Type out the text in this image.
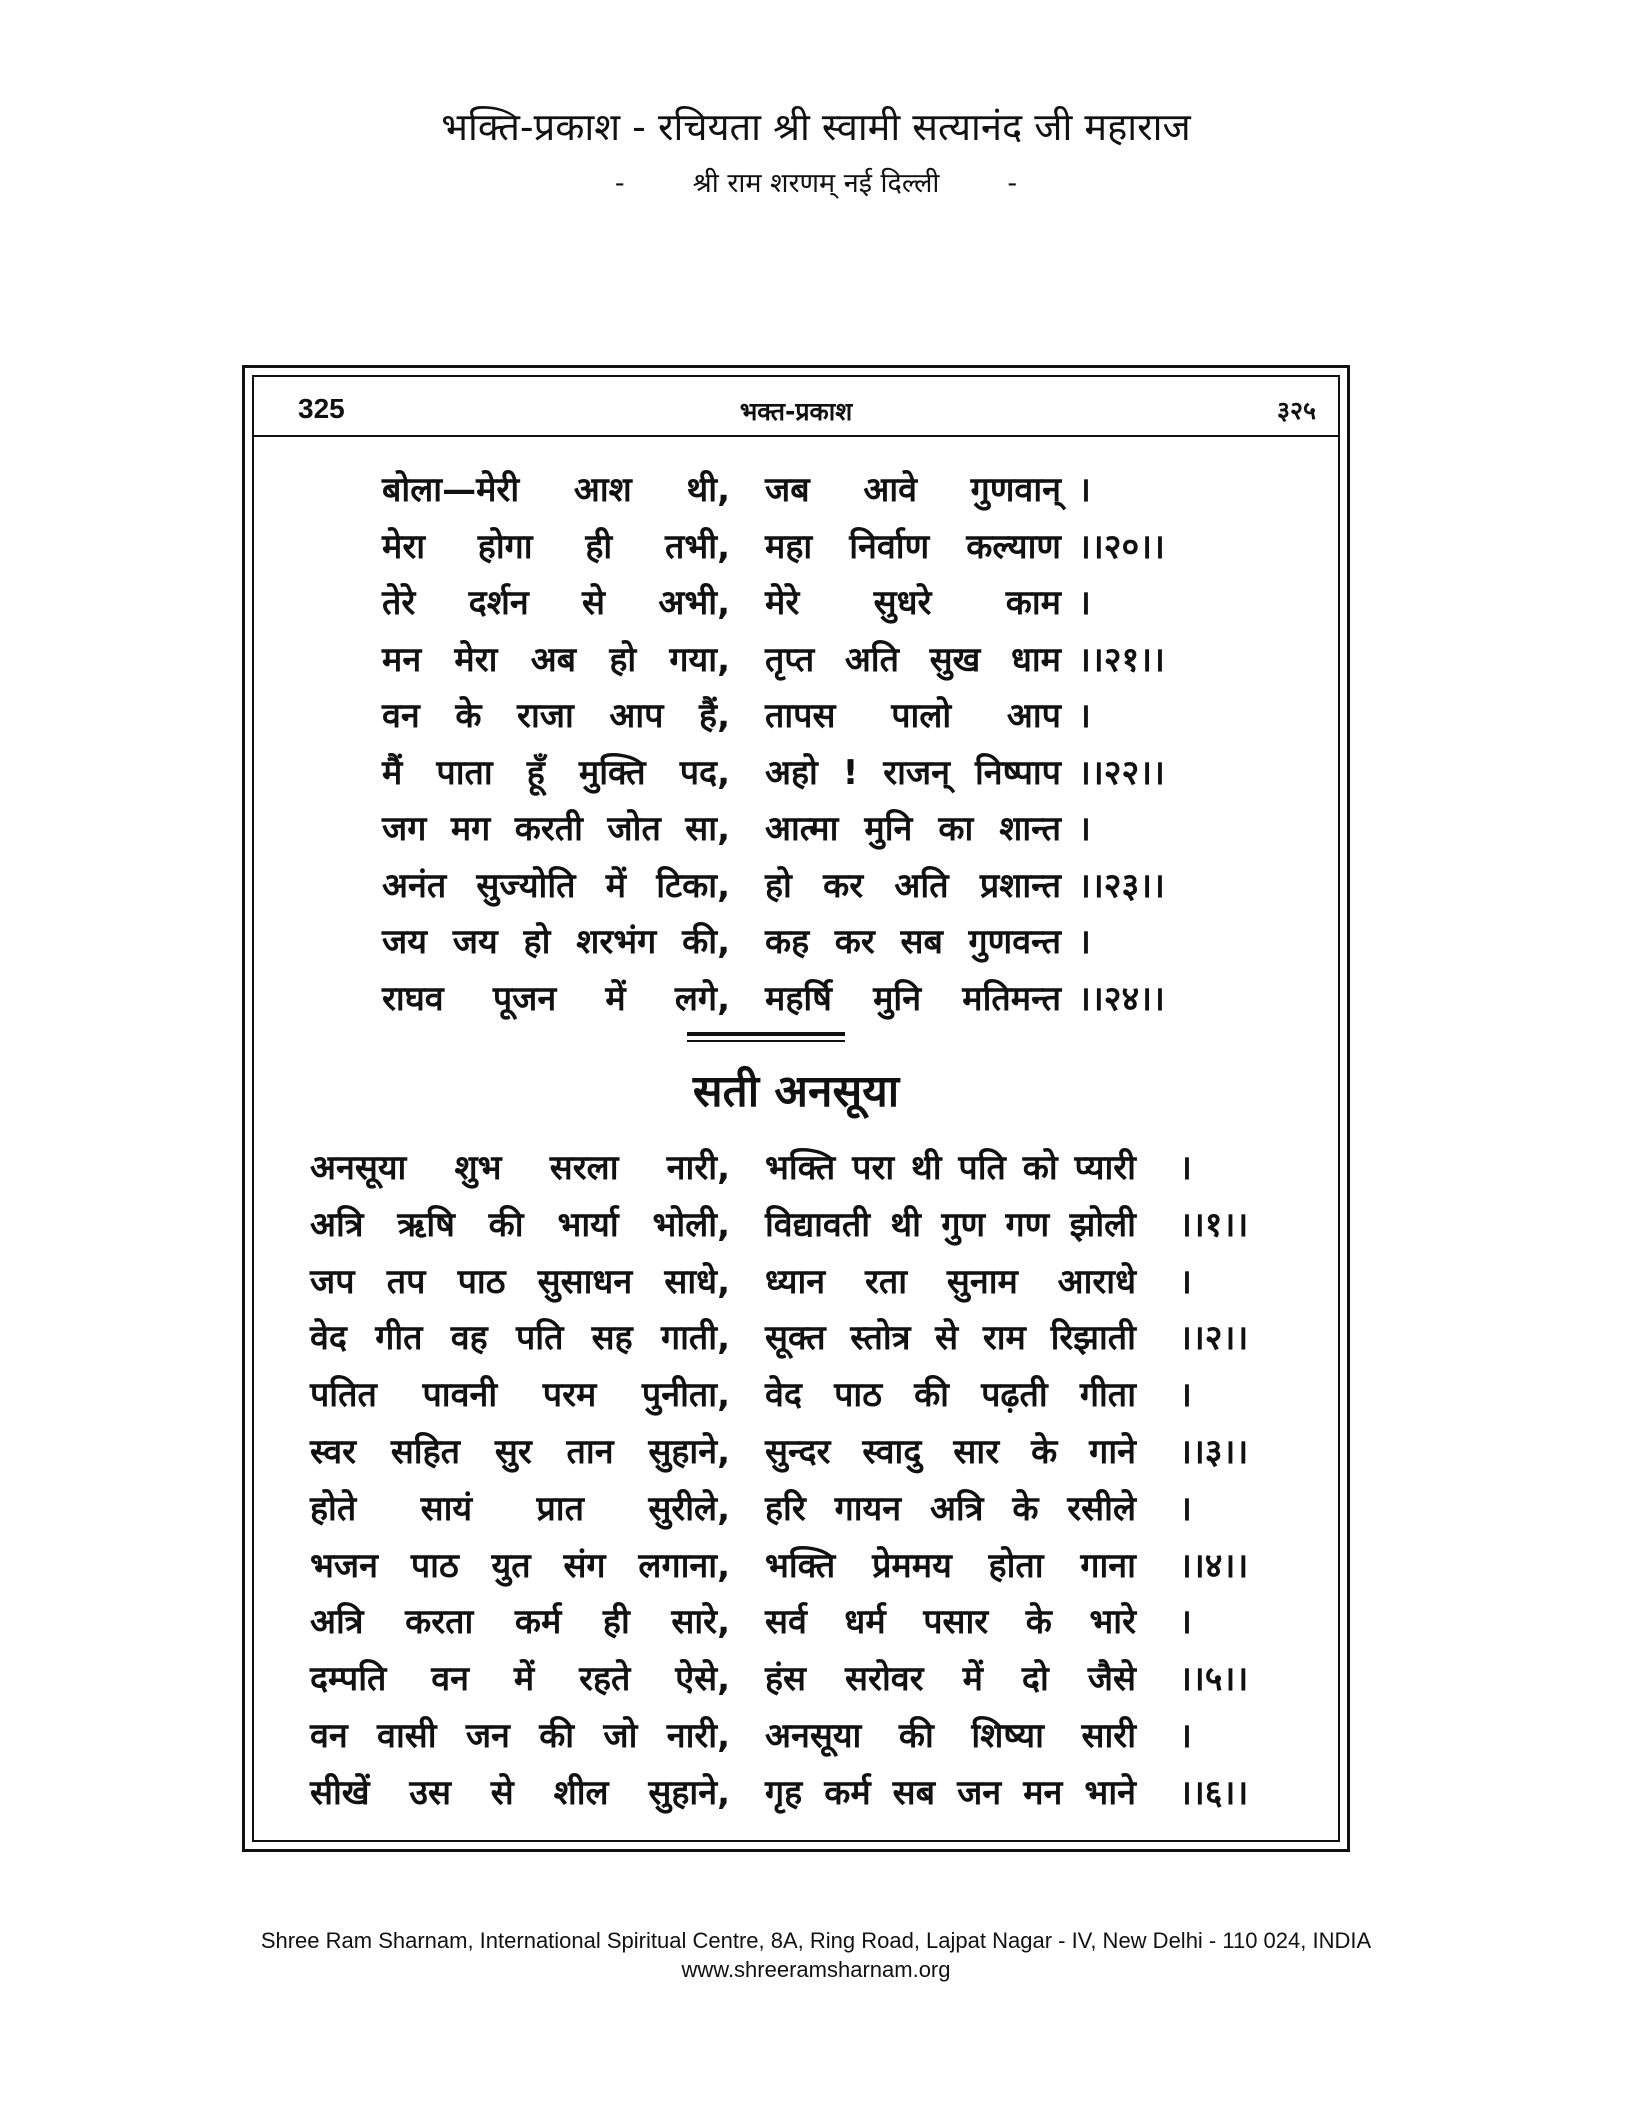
भक्ति-प्रकाश - रचियता श्री स्वामी सत्यानंद जी महाराज
-	श्री राम शरणम् नई दिल्ली	-
325	भक्त-प्रकाश	३२५
सती अनसूया
बोला—मेरी आश थी, जब आवे गुणवान् ।
मेरा होगा ही तभी, महा निर्वाण कल्याण ।।२०।।
तेरे दर्शन से अभी, मेरे सुधरे काम ।
मन मेरा अब हो गया, तृप्त अति सुख धाम ।।२१।।
वन के राजा आप हैं, तापस पालो आप ।
मैं पाता हूँ मुक्ति पद, अहो ! राजन् निष्पाप ।।२२।।
जग मग करती जोत सा, आत्मा मुनि का शान्त ।
अनंत सुज्योति में टिका, हो कर अति प्रशान्त ।।२३।।
जय जय हो शरभंग की, कह कर सब गुणवन्त ।
राघव पूजन में लगे, महर्षि मुनि मतिमन्त ।।२४।।
अनसूया शुभ सरला नारी, भक्ति परा थी पति को प्यारी ।
अत्रि ऋषि की भार्या भोली, विद्यावती थी गुण गण झोली ।।१।।
जप तप पाठ सुसाधन साधे, ध्यान रता सुनाम आराधे ।
वेद गीत वह पति सह गाती, सूक्त स्तोत्र से राम रिझाती ।।२।।
पतित पावनी परम पुनीता, वेद पाठ की पढ़ती गीता ।
स्वर सहित सुर तान सुहाने, सुन्दर स्वादु सार के गाने ।।३।।
होते सायं प्रात सुरीले, हरि गायन अत्रि के रसीले ।
भजन पाठ युत संग लगाना, भक्ति प्रेममय होता गाना ।।४।।
अत्रि करता कर्म ही सारे, सर्व धर्म पसार के भारे ।
दम्पति वन में रहते ऐसे, हंस सरोवर में दो जैसे ।।५।।
वन वासी जन की जो नारी, अनसूया की शिष्या सारी ।
सीखें उस से शील सुहाने, गृह कर्म सब जन मन भाने ।।६।।
Shree Ram Sharnam, International Spiritual Centre, 8A, Ring Road, Lajpat Nagar - IV, New Delhi - 110 024, INDIA
www.shreeramsharnam.org
